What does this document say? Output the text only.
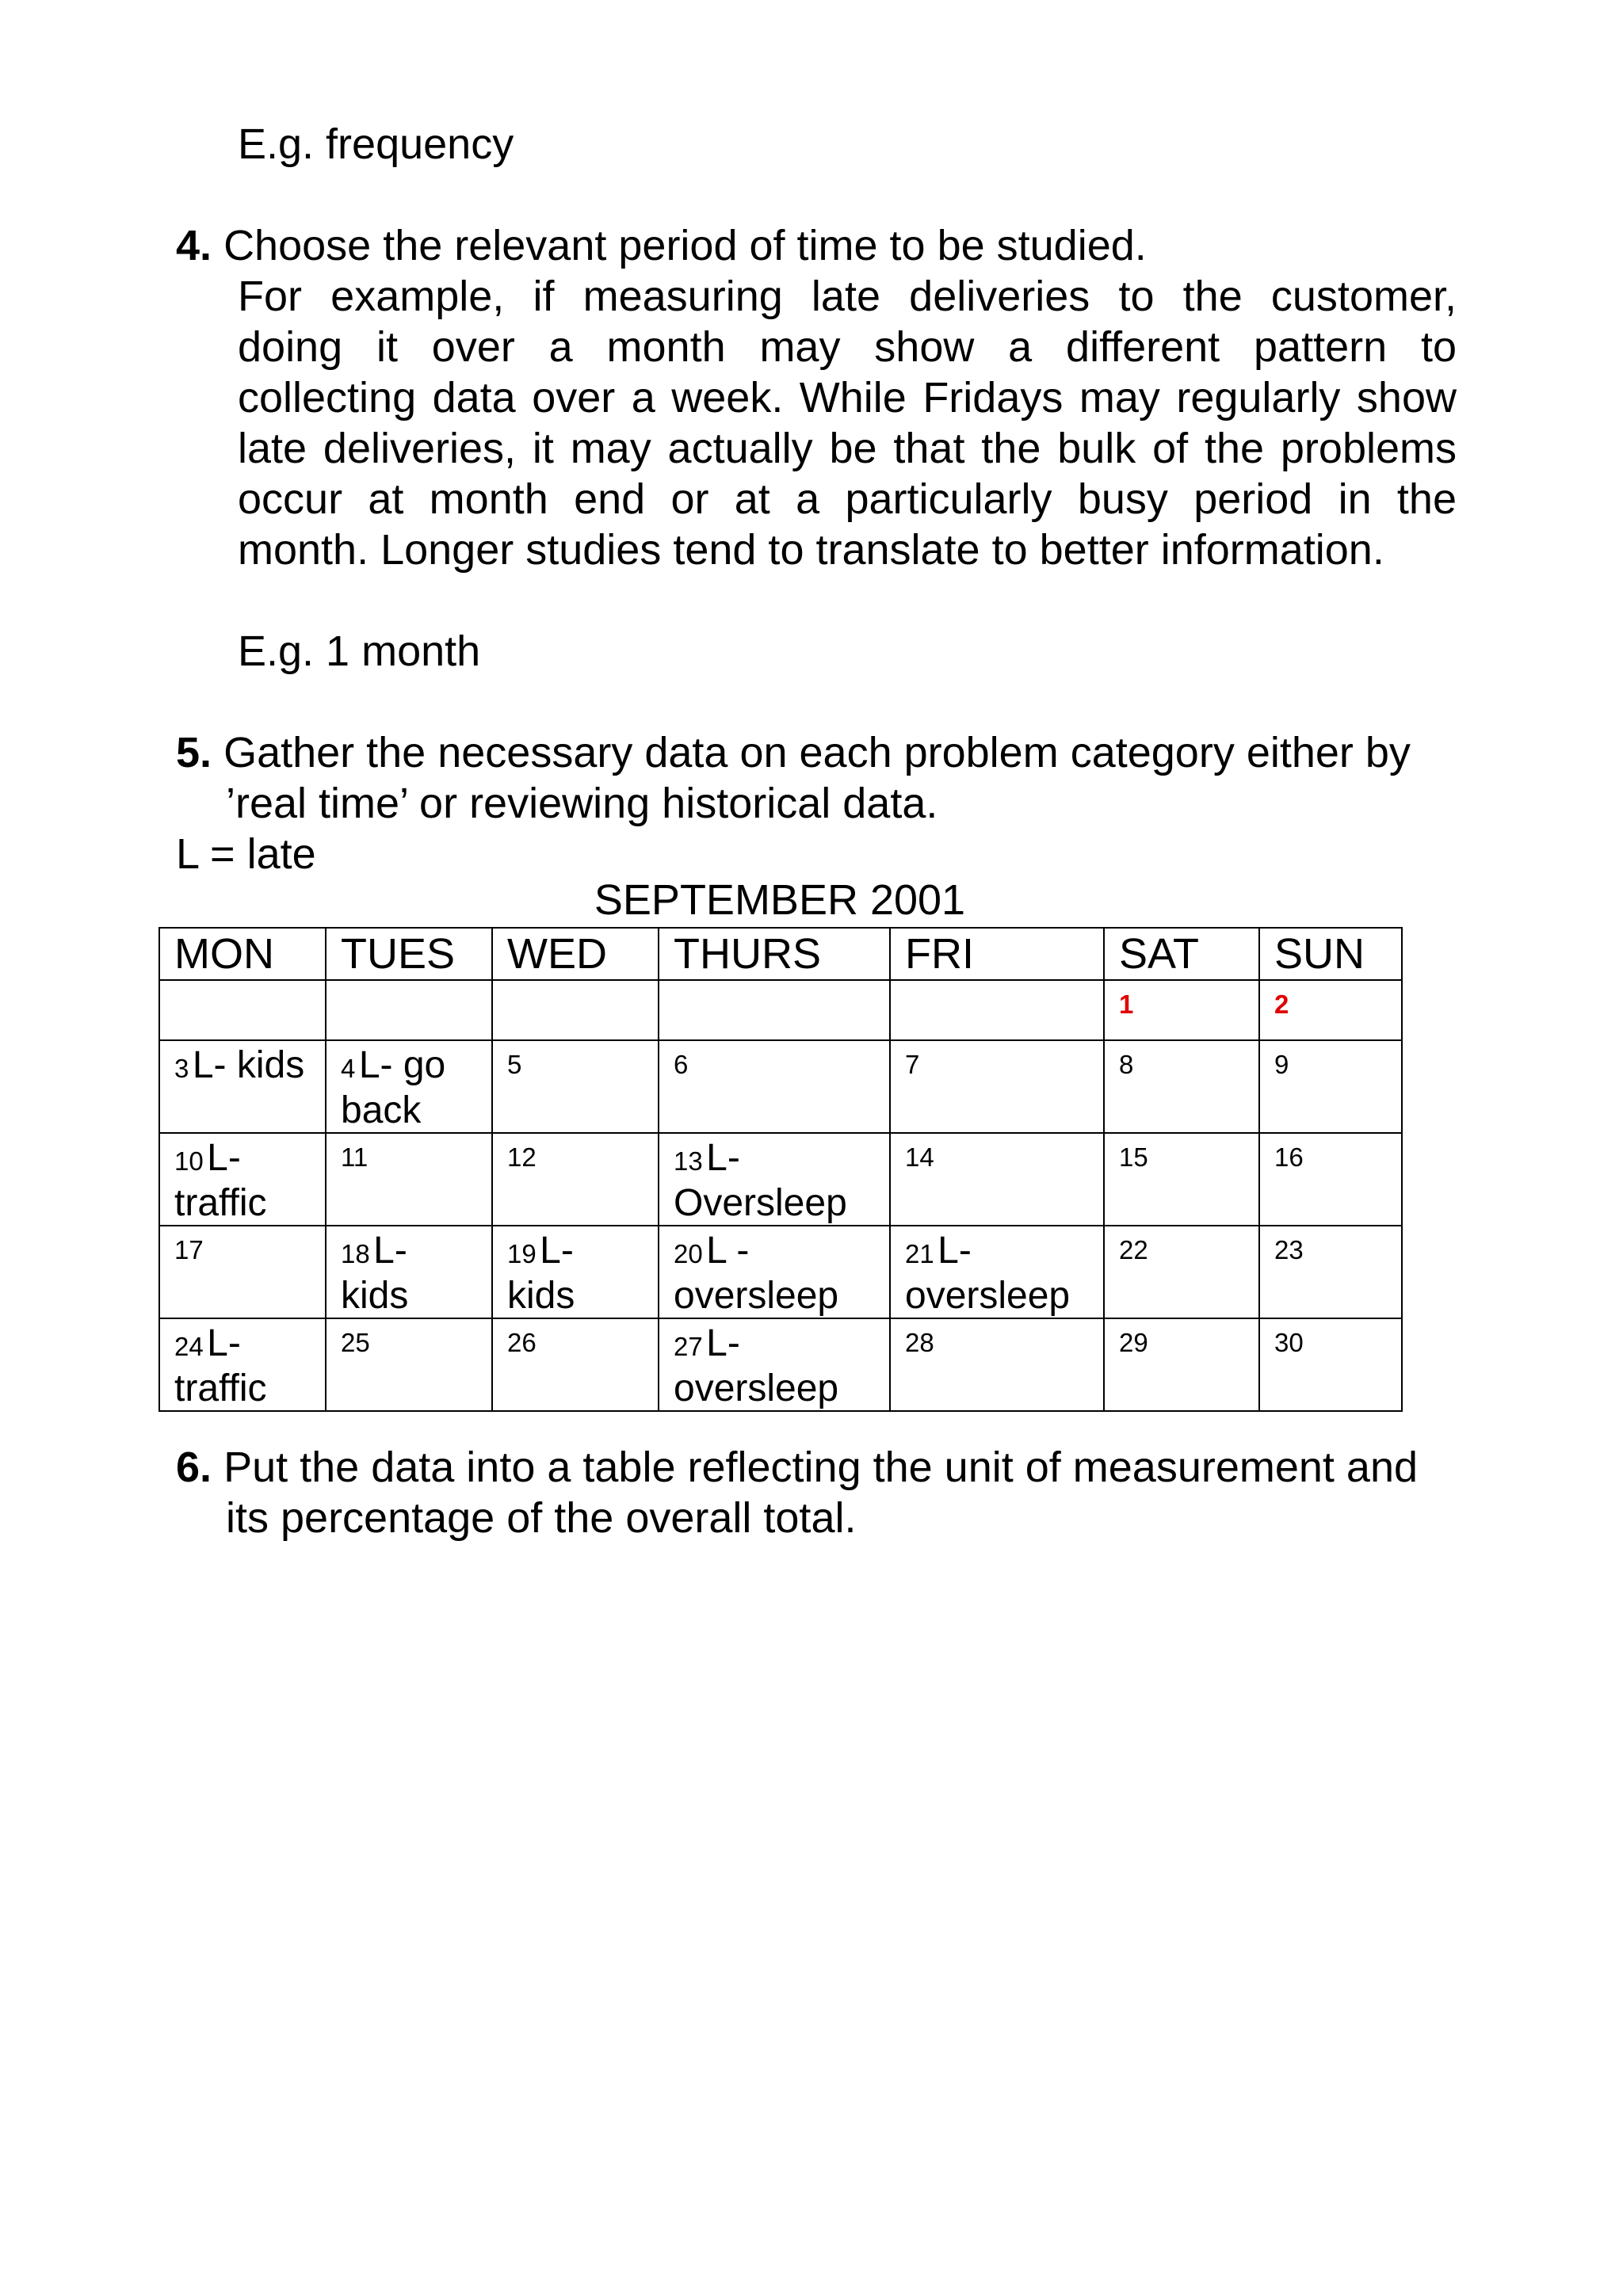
E.g. frequency

4. Choose the relevant period of time to be studied.

For example, if measuring late deliveries to the customer,
doing it over a month may show a different pattern to
collecting data over a week. While Fridays may regularly show
late deliveries, it may actually be that the bulk of the problems
occur at month end or at a particularly busy period in the
month. Longer studies tend to translate to better information.

E.g. 1 month

5. Gather the necessary data on each problem category either by

’real time’ or reviewing historical data.

L = late

SEPTEMBER 2001

MON	TUES	WED	THURS	FRI	SAT	SUN
					1	2
3 L- kids	4 L- go back	5	6	7	8	9
10 L- traffic	11	12	13 L- Oversleep	14	15	16
17	18 L- kids	19 L- kids	20 L - oversleep	21 L- oversleep	22	23
24 L- traffic	25	26	27 L- oversleep	28	29	30

6. Put the data into a table reflecting the unit of measurement and

its percentage of the overall total.
